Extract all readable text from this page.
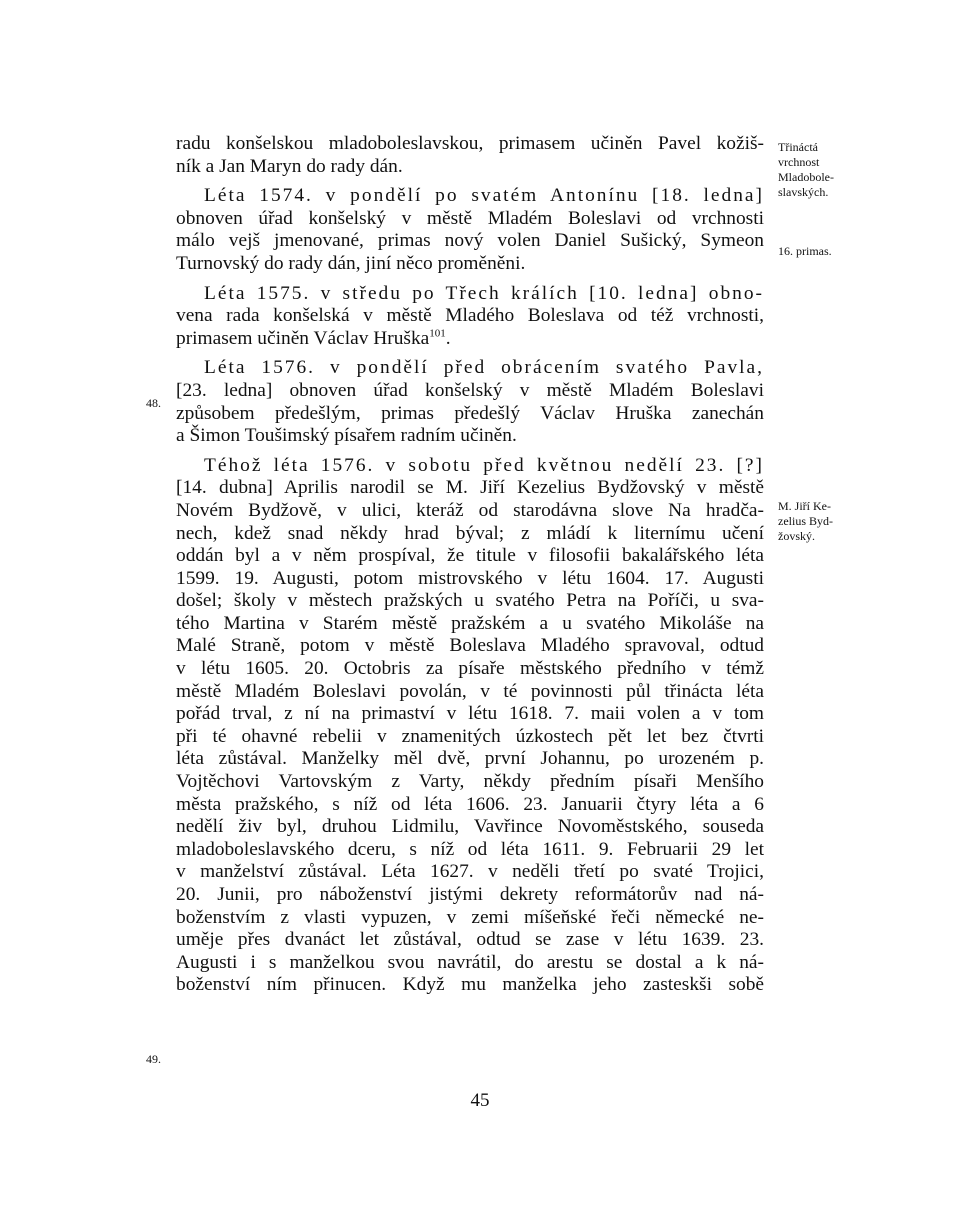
radu konšelskou mladoboleslavskou, primasem učiněn Pavel kožiš-
ník a Jan Maryn do rady dán.

Léta 1574. v pondělí po svatém Antonínu [18. ledna]
obnoven úřad konšelský v městě Mladém Boleslavi od vrchnosti
málo vejš jmenované, primas nový volen Daniel Sušický, Symeon
Turnovský do rady dán, jiní něco proměněni.

Léta 1575. v středu po Třech králích [10. ledna] obno-
vena rada konšelská v městě Mladého Boleslava od též vrchnosti,
primasem učiněn Václav Hruška$^{101}$.

Léta 1576. v pondělí před obrácením svatého Pavla,
[23. ledna] obnoven úřad konšelský v městě Mladém Boleslavi
způsobem předešlým, primas předešlý Václav Hruška zanechán
a Šimon Toušimský písařem radním učiněn.

Téhož léta 1576. v sobotu před květnou nedělí 23. [?]
[14. dubna] Aprilis narodil se M. Jiří Kezelius Bydžovský v městě
Novém Bydžově, v ulici, kteráž od starodávna slove Na hradča-
nech, kdež snad někdy hrad býval; z mládí k liternímu učení
oddán byl a v něm prospíval, že titule v filosofii bakalářského léta
1599. 19. Augusti, potom mistrovského v létu 1604. 17. Augusti
došel; školy v městech pražských u svatého Petra na Poříči, u sva-
tého Martina v Starém městě pražském a u svatého Mikoláše na
Malé Straně, potom v městě Boleslava Mladého spravoval, odtud
v létu 1605. 20. Octobris za písaře městského předního v témž
městě Mladém Boleslavi povolán, v té povinnosti půl třinácta léta
pořád trval, z ní na primaství v létu 1618. 7. maii volen a v tom
při té ohavné rebelii v znamenitých úzkostech pět let bez čtvrti
léta zůstával. Manželky měl dvě, první Johannu, po urozeném p.
Vojtěchovi Vartovským z Varty, někdy předním písaři Menšího
města pražského, s níž od léta 1606. 23. Januarii čtyry léta a 6
nedělí živ byl, druhou Lidmilu, Vavřince Novoměstského, souseda
mladoboleslavského dceru, s níž od léta 1611. 9. Februarii 29 let
v manželství zůstával. Léta 1627. v neděli třetí po svaté Trojici,
20. Junii, pro náboženství jistými dekrety reformátorův nad ná-
boženstvím z vlasti vypuzen, v zemi míšeňské řeči německé ne-
uměje přes dvanáct let zůstával, odtud se zase v létu 1639. 23.
Augusti i s manželkou svou navrátil, do arestu se dostal a k ná-
boženství ním přinucen. Když mu manželka jeho zasteskši sobě

Třináctá
vrchnost
Mladobole-
slavských.
16. primas.
M. Jiří Ke-
zelius Byd-
žovský.
48.
49.
45
